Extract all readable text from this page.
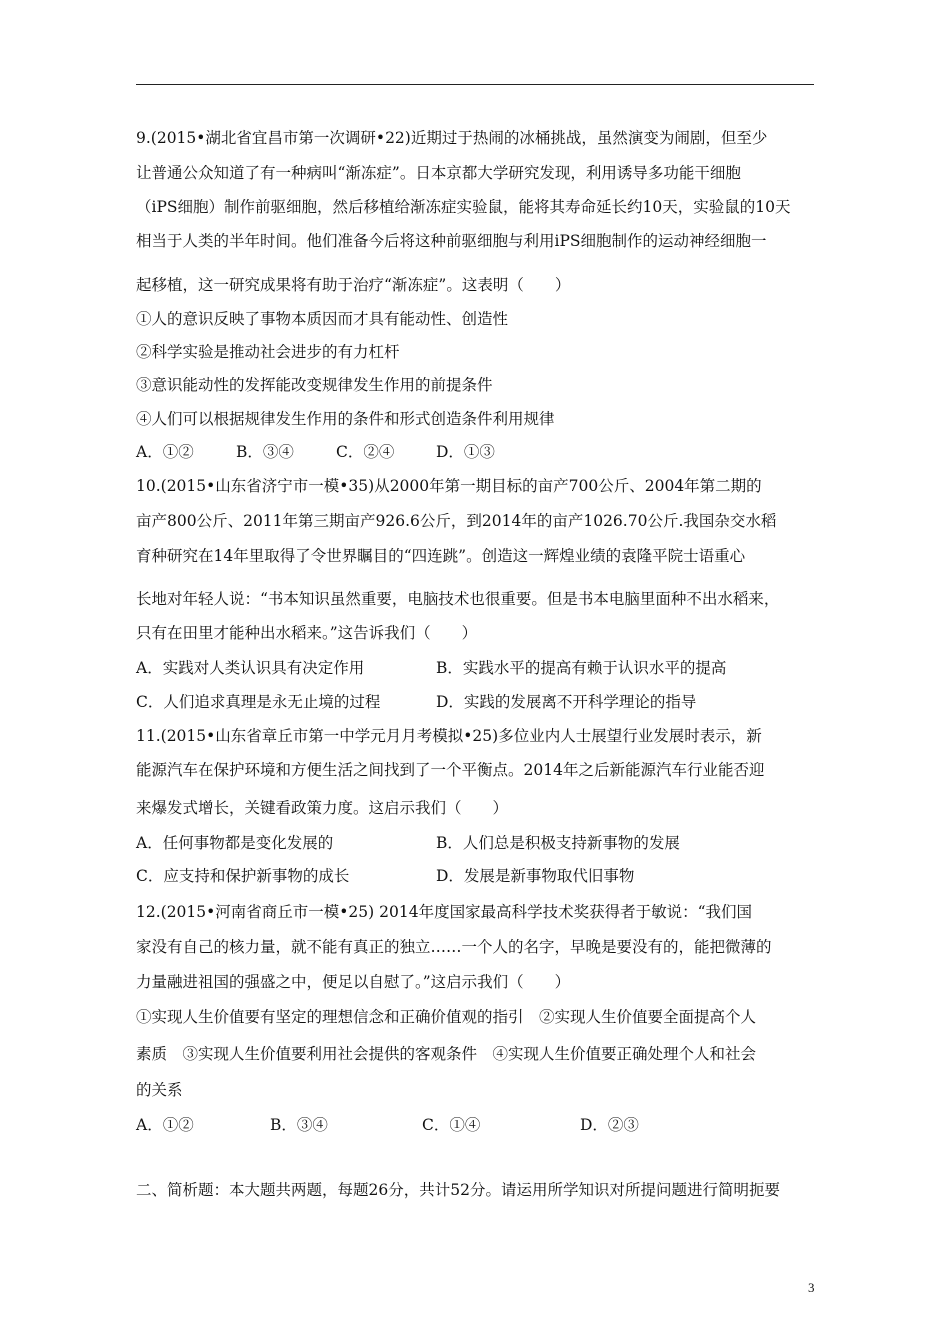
9.(2015•湖北省宜昌市第一次调研•22)近期过于热闹的冰桶挑战，虽然演变为闹剧，但至少
让普通公众知道了有一种病叫“渐冻症”。日本京都大学研究发现，利用诱导多功能干细胞
（iPS细胞）制作前驱细胞，然后移植给渐冻症实验鼠，能将其寿命延长约10天，实验鼠的10天
相当于人类的半年时间。他们准备今后将这种前驱细胞与利用iPS细胞制作的运动神经细胞一
起移植，这一研究成果将有助于治疗“渐冻症”。这表明（　　）
①人的意识反映了事物本质因而才具有能动性、创造性
②科学实验是推动社会进步的有力杠杆
③意识能动性的发挥能改变规律发生作用的前提条件
④人们可以根据规律发生作用的条件和形式创造条件利用规律
A．①②	B．③④	C．②④	D．①③
10.(2015•山东省济宁市一模•35)从2000年第一期目标的亩产700公斤、2004年第二期的
亩产800公斤、2011年第三期亩产926.6公斤，到2014年的亩产1026.70公斤.我国杂交水稻
育种研究在14年里取得了令世界瞩目的“四连跳”。创造这一辉煌业绩的袁隆平院士语重心
长地对年轻人说：“书本知识虽然重要，电脑技术也很重要。但是书本电脑里面种不出水稻来，
只有在田里才能种出水稻来。”这告诉我们（　　）
A．实践对人类认识具有决定作用	B．实践水平的提高有赖于认识水平的提高
C．人们追求真理是永无止境的过程	D．实践的发展离不开科学理论的指导
11.(2015•山东省章丘市第一中学元月月考模拟•25)多位业内人士展望行业发展时表示，新
能源汽车在保护环境和方便生活之间找到了一个平衡点。2014年之后新能源汽车行业能否迎
来爆发式增长，关键看政策力度。这启示我们（　　）
A．任何事物都是变化发展的	B．人们总是积极支持新事物的发展
C．应支持和保护新事物的成长	D．发展是新事物取代旧事物
12.(2015•河南省商丘市一模•25) 2014年度国家最高科学技术奖获得者于敏说：“我们国
家没有自己的核力量，就不能有真正的独立……一个人的名字，早晚是要没有的，能把微薄的
力量融进祖国的强盛之中，便足以自慰了。”这启示我们（　　）
①实现人生价值要有坚定的理想信念和正确价值观的指引　②实现人生价值要全面提高个人
素质　③实现人生价值要利用社会提供的客观条件　④实现人生价值要正确处理个人和社会
的关系
A．①②	B．③④	C．①④	D．②③
二、简析题：本大题共两题，每题26分，共计52分。请运用所学知识对所提问题进行简明扼要
3
